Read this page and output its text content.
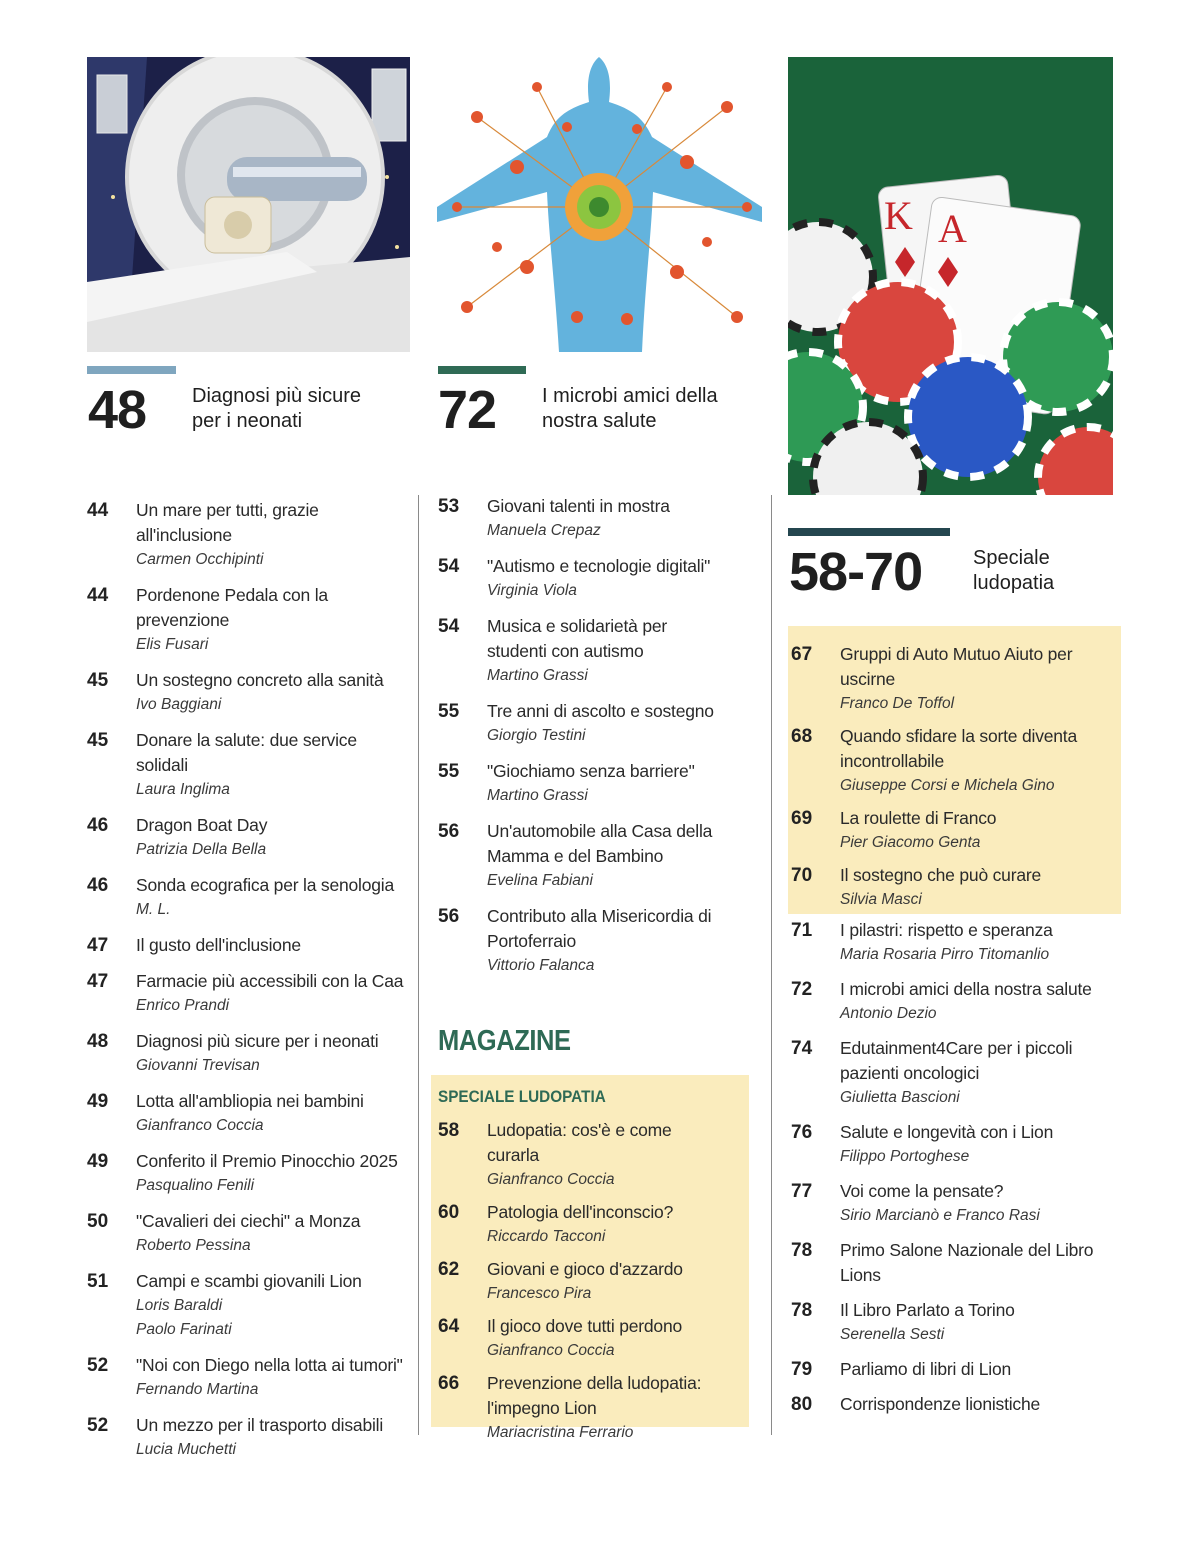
K A
48 Diagnosi più sicure
per i neonati	72 I microbi amici della
nostra salute
58-70	Speciale
ludopatia
44 Un mare per tutti, grazie all'inclusione
Carmen Occhipinti
44 Pordenone Pedala con la prevenzione
Elis Fusari
45 Un sostegno concreto alla sanità
Ivo Baggiani
45 Donare la salute: due service solidali
Laura Inglima
46 Dragon Boat Day
Patrizia Della Bella
46 Sonda ecografica per la senologia
M. L.
47 Il gusto dell'inclusione
47 Farmacie più accessibili con la Caa
Enrico Prandi
48 Diagnosi più sicure per i neonati
Giovanni Trevisan
49 Lotta all'ambliopia nei bambini
Gianfranco Coccia
49 Conferito il Premio Pinocchio 2025
Pasqualino Fenili
50 "Cavalieri dei ciechi" a Monza
Roberto Pessina
51 Campi e scambi giovanili Lion
Loris Baraldi
Paolo Farinati
52 "Noi con Diego nella lotta ai tumori"
Fernando Martina
52 Un mezzo per il trasporto disabili
Lucia Muchetti
53 Giovani talenti in mostra
Manuela Crepaz
54 "Autismo e tecnologie digitali"
Virginia Viola
54 Musica e solidarietà per studenti con autismo
Martino Grassi
55 Tre anni di ascolto e sostegno
Giorgio Testini
55 "Giochiamo senza barriere"
Martino Grassi
56 Un'automobile alla Casa della Mamma e del Bambino
Evelina Fabiani
56 Contributo alla Misericordia di Portoferraio
Vittorio Falanca
MAGAZINE
SPECIALE LUDOPATIA
58 Ludopatia: cos'è e come curarla
Gianfranco Coccia
60 Patologia dell'inconscio?
Riccardo Tacconi
62 Giovani e gioco d'azzardo
Francesco Pira
64 Il gioco dove tutti perdono
Gianfranco Coccia
66 Prevenzione della ludopatia: l'impegno Lion
Mariacristina Ferrario
67 Gruppi di Auto Mutuo Aiuto per uscirne
Franco De Toffol
68 Quando sfidare la sorte diventa incontrollabile
Giuseppe Corsi e Michela Gino
69 La roulette di Franco
Pier Giacomo Genta
70 Il sostegno che può curare
Silvia Masci
71 I pilastri: rispetto e speranza
Maria Rosaria Pirro Titomanlio
72 I microbi amici della nostra salute
Antonio Dezio
74 Edutainment4Care per i piccoli pazienti oncologici
Giulietta Bascioni
76 Salute e longevità con i Lion
Filippo Portoghese
77 Voi come la pensate?
Sirio Marcianò e Franco Rasi
78 Primo Salone Nazionale del Libro Lions
78 Il Libro Parlato a Torino
Serenella Sesti
79 Parliamo di libri di Lion
80 Corrispondenze lionistiche
